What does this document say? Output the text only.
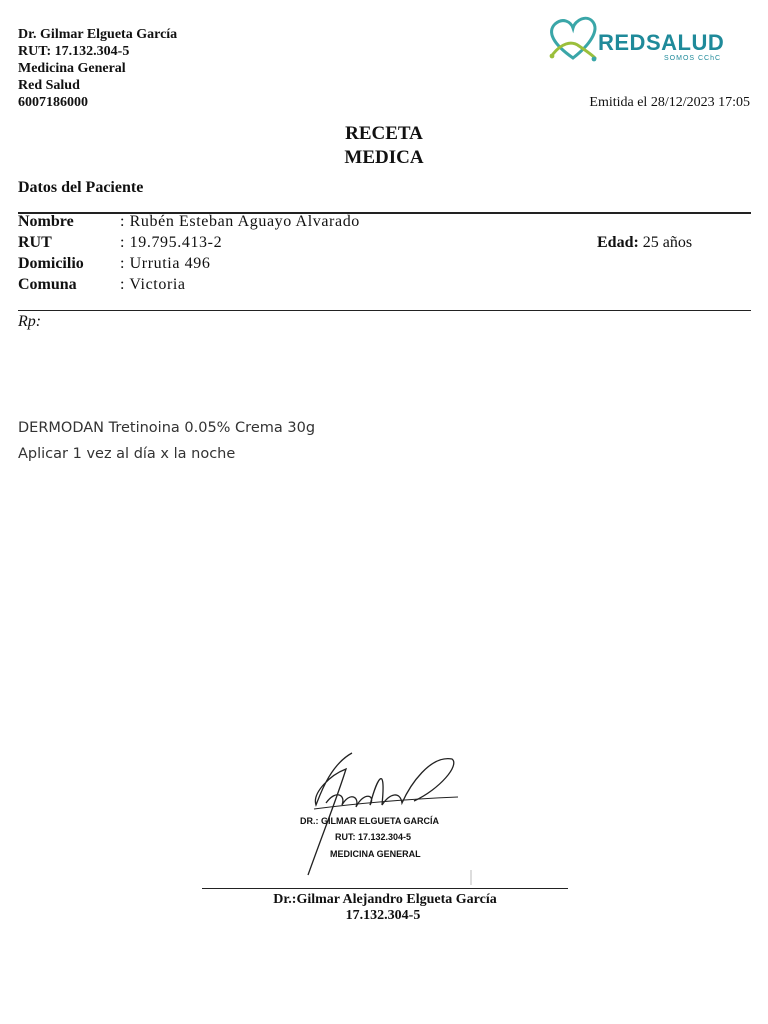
Dr. Gilmar Elgueta García
RUT: 17.132.304-5
Medicina General
Red Salud
6007186000
REDSALUD
SOMOS CChC
Emitida el 28/12/2023 17:05
RECETA
MEDICA
Datos del Paciente
Nombre	: Rubén Esteban Aguayo Alvarado
RUT	: 19.795.413-2	Edad: 25 años
Domicilio : Urrutia 496
Comuna	: Victoria
Rp:
DERMODAN Tretinoina 0.05% Crema 30g
Aplicar 1 vez al día x la noche
DR.: GILMAR ELGUETA GARCÍA
RUT: 17.132.304-5
MEDICINA GENERAL
Dr.:Gilmar Alejandro Elgueta García
17.132.304-5
